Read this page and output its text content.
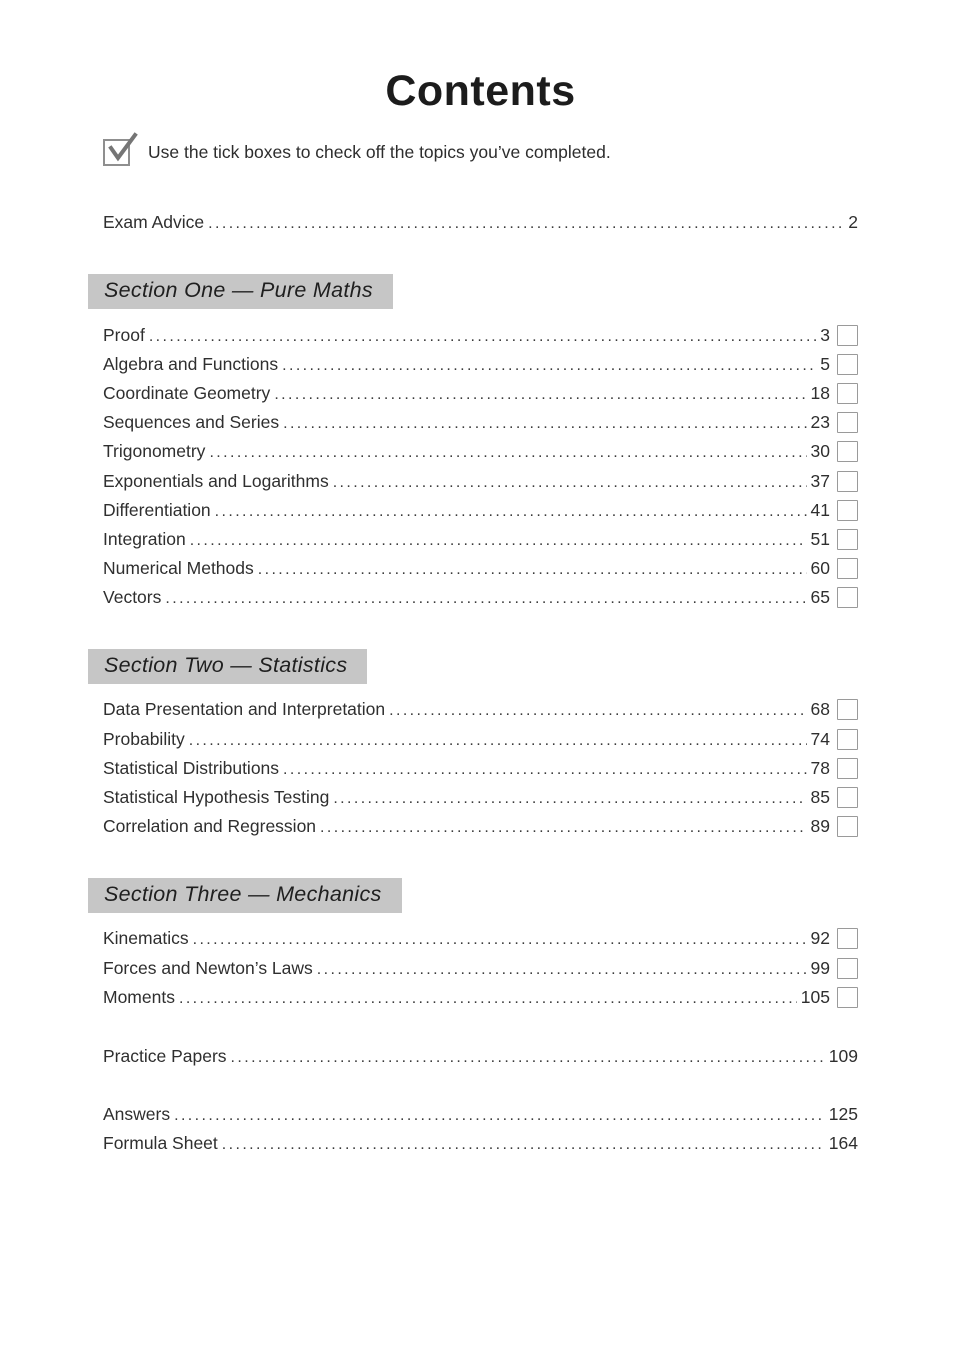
Contents
Use the tick boxes to check off the topics you’ve completed.
Exam Advice .....	2
Section One — Pure Maths
Proof .....	3
Algebra and Functions .....	5
Coordinate Geometry .....	18
Sequences and Series .....	23
Trigonometry .....	30
Exponentials and Logarithms .....	37
Differentiation .....	41
Integration .....	51
Numerical Methods .....	60
Vectors .....	65
Section Two — Statistics
Data Presentation and Interpretation .....	68
Probability .....	74
Statistical Distributions .....	78
Statistical Hypothesis Testing .....	85
Correlation and Regression .....	89
Section Three — Mechanics
Kinematics .....	92
Forces and Newton’s Laws .....	99
Moments .....	105
Practice Papers .....	109
Answers .....	125
Formula Sheet .....	164
